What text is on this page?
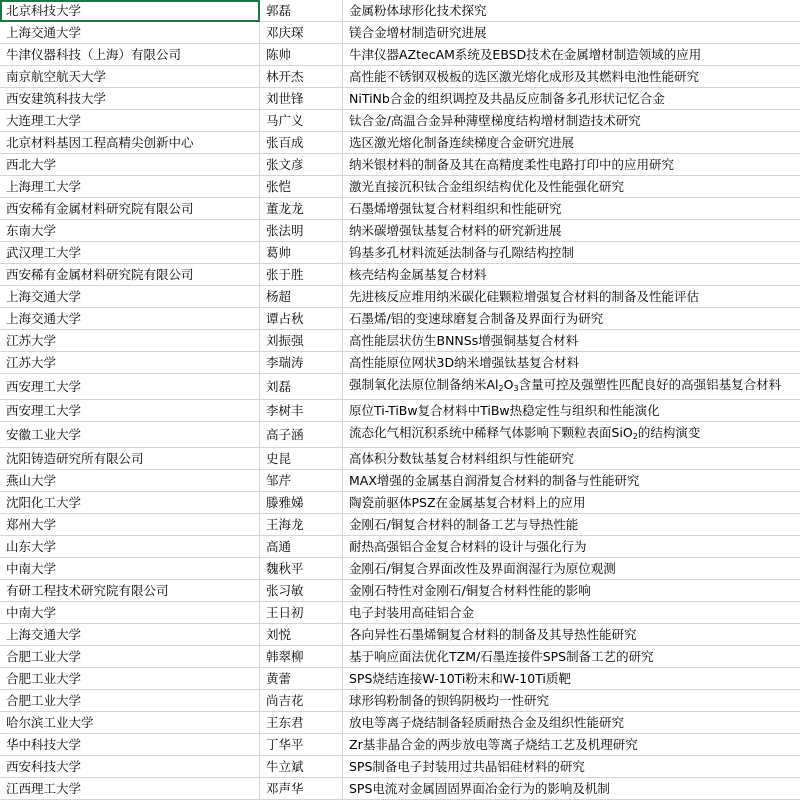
北京科技大学	郭磊	金属粉体球形化技术探究
上海交通大学	邓庆琛	镁合金增材制造研究进展
牛津仪器科技（上海）有限公司	陈帅	牛津仪器AZtecAM系统及EBSD技术在金属增材制造领域的应用
南京航空航天大学	林开杰	高性能不锈钢双极板的选区激光熔化成形及其燃料电池性能研究
西安建筑科技大学	刘世锋	NiTiNb合金的组织调控及共晶反应制备多孔形状记忆合金
大连理工大学	马广义	钛合金/高温合金异种薄壁梯度结构增材制造技术研究
北京材料基因工程高精尖创新中心	张百成	选区激光熔化制备连续梯度合金研究进展
西北大学	张文彦	纳米银材料的制备及其在高精度柔性电路打印中的应用研究
上海理工大学	张恺	激光直接沉积钛合金组织结构优化及性能强化研究
西安稀有金属材料研究院有限公司	董龙龙	石墨烯增强钛复合材料组织和性能研究
东南大学	张法明	纳米碳增强钛基复合材料的研究新进展
武汉理工大学	葛帅	钨基多孔材料流延法制备与孔隙结构控制
西安稀有金属材料研究院有限公司	张于胜	核壳结构金属基复合材料
上海交通大学	杨超	先进核反应堆用纳米碳化硅颗粒增强复合材料的制备及性能评估
上海交通大学	谭占秋	石墨烯/铝的变速球磨复合制备及界面行为研究
江苏大学	刘振强	高性能层状仿生BNNSs增强铜基复合材料
江苏大学	李瑞涛	高性能原位网状3D纳米增强钛基复合材料
西安理工大学	刘磊	强制氧化法原位制备纳米$Al_2O_3$含量可控及强塑性匹配良好的高强铝基复合材料
西安理工大学	李树丰	原位Ti-TiBw复合材料中TiBw热稳定性与组织和性能演化
安徽工业大学	高子涵	流态化气相沉积系统中稀释气体影响下颗粒表面SiO$_2$的结构演变
沈阳铸造研究所有限公司	史昆	高体积分数钛基复合材料组织与性能研究
燕山大学	邹芹	MAX增强的金属基自润滑复合材料的制备与性能研究
沈阳化工大学	滕雅娣	陶瓷前驱体PSZ在金属基复合材料上的应用
郑州大学	王海龙	金刚石/铜复合材料的制备工艺与导热性能
山东大学	高通	耐热高强铝合金复合材料的设计与强化行为
中南大学	魏秋平	金刚石/铜复合界面改性及界面润湿行为原位观测
有研工程技术研究院有限公司	张习敏	金刚石特性对金刚石/铜复合材料性能的影响
中南大学	王日初	电子封装用高硅铝合金
上海交通大学	刘悦	各向异性石墨烯铜复合材料的制备及其导热性能研究
合肥工业大学	韩翠柳	基于响应面法优化TZM/石墨连接件SPS制备工艺的研究
合肥工业大学	黄蕾	SPS烧结连接W-10Ti粉末和W-10Ti质靶
合肥工业大学	尚吉花	球形钨粉制备的钡钨阴极均一性研究
哈尔滨工业大学	王东君	放电等离子烧结制备轻质耐热合金及组织性能研究
华中科技大学	丁华平	Zr基非晶合金的两步放电等离子烧结工艺及机理研究
西安科技大学	牛立斌	SPS制备电子封装用过共晶铝硅材料的研究
江西理工大学	邓声华	SPS电流对金属固固界面冶金行为的影响及机制
